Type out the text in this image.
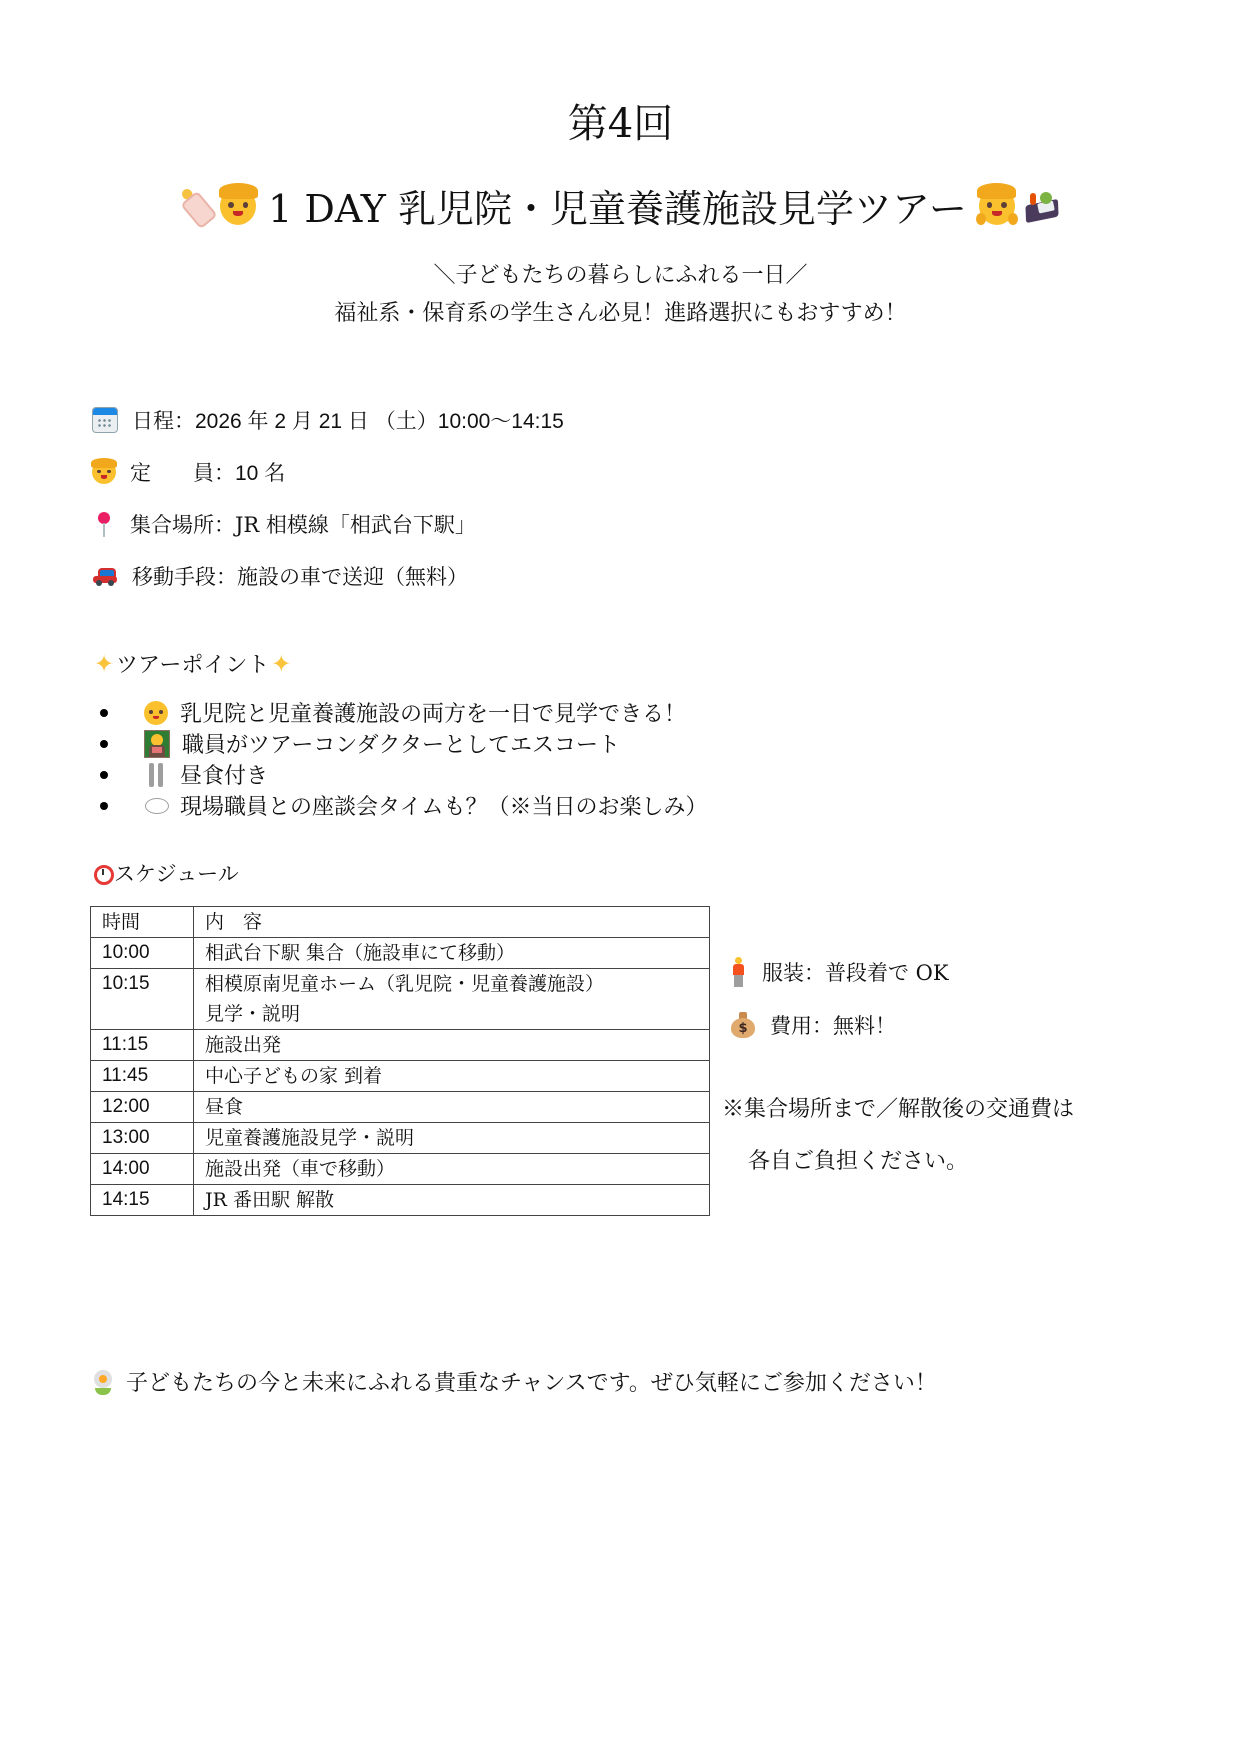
第4回
1 DAY 乳児院・児童養護施設見学ツアー
＼子どもたちの暮らしにふれる一日／
福祉系・保育系の学生さん必見！進路選択にもおすすめ！
日程 ： 2026 年 2 月 21 日 （土）10:00〜14:15
定　　員 ： 10 名
集合場所 ： JR 相模線「相武台下駅」
移動手段 ： 施設の車で送迎（無料）
✦ ツアーポイント ✦
乳児院と児童養護施設の両方を一日で見学できる！
職員がツアーコンダクターとしてエスコート
昼食付き
現場職員との座談会タイムも？（※当日のお楽しみ）
スケジュール
時間	内　容
10:00	相武台下駅 集合（施設車にて移動）
10:15	相模原南児童ホーム（乳児院・児童養護施設）
見学・説明

11:15	施設出発
11:45	中心子どもの家 到着
12:00	昼食
13:00	児童養護施設見学・説明
14:00	施設出発（車で移動）
14:15	JR 番田駅 解散
服装 ： 普段着で OK
$	費用 ： 無料！
※集合場所まで／解散後の交通費は
各自ご負担ください。
子どもたちの今と未来にふれる貴重なチャンスです。ぜひ気軽にご参加ください！
